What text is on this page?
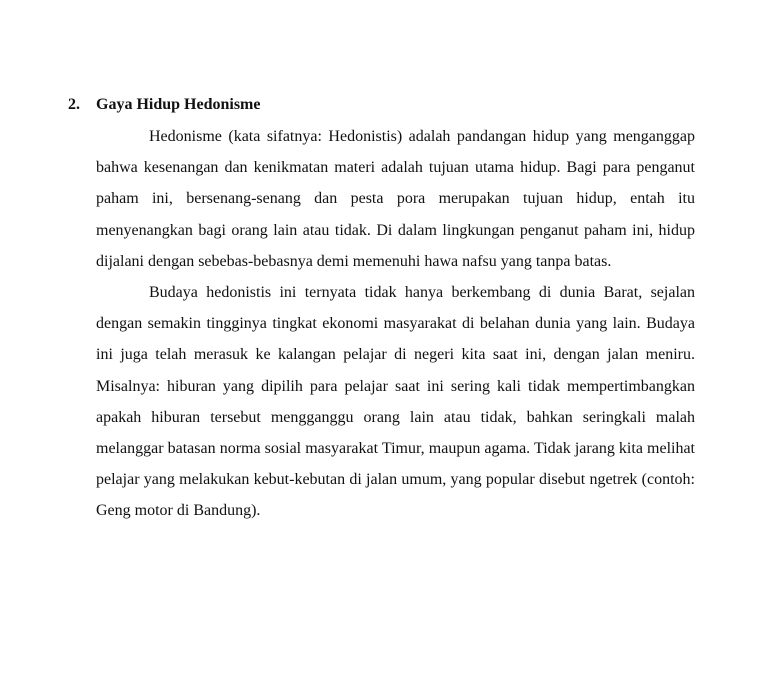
2. Gaya Hidup Hedonisme

Hedonisme (kata sifatnya: Hedonistis) adalah pandangan hidup yang menganggap bahwa kesenangan dan kenikmatan materi adalah tujuan utama hidup. Bagi para penganut paham ini, bersenang-senang dan pesta pora merupakan tujuan hidup, entah itu menyenangkan bagi orang lain atau tidak. Di dalam lingkungan penganut paham ini, hidup dijalani dengan sebebas-bebasnya demi memenuhi hawa nafsu yang tanpa batas.

Budaya hedonistis ini ternyata tidak hanya berkembang di dunia Barat, sejalan dengan semakin tingginya tingkat ekonomi masyarakat di belahan dunia yang lain. Budaya ini juga telah merasuk ke kalangan pelajar di negeri kita saat ini, dengan jalan meniru. Misalnya: hiburan yang dipilih para pelajar saat ini sering kali tidak mempertimbangkan apakah hiburan tersebut mengganggu orang lain atau tidak, bahkan seringkali malah melanggar batasan norma sosial masyarakat Timur, maupun agama. Tidak jarang kita melihat pelajar yang melakukan kebut-kebutan di jalan umum, yang popular disebut ngetrek (contoh: Geng motor di Bandung).
